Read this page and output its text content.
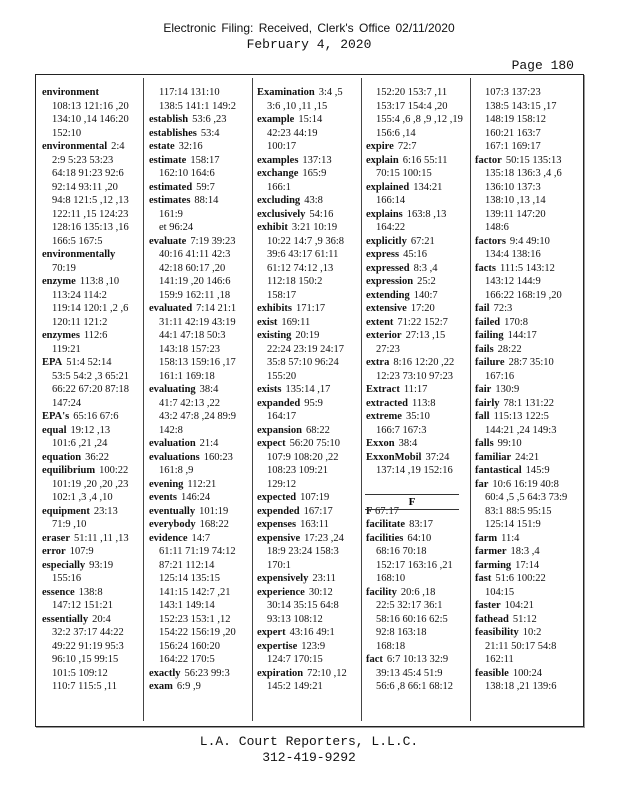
Electronic Filing: Received, Clerk's Office 02/11/2020
February 4, 2020
Page 180
environment
108:13 121:16 ,20
134:10 ,14 146:20
152:10
environmental 2:4
2:9 5:23 53:23
64:18 91:23 92:6
92:14 93:11 ,20
94:8 121:5 ,12 ,13
122:11 ,15 124:23
128:16 135:13 ,16
166:5 167:5
environmentally
70:19
enzyme 113:8 ,10
113:24 114:2
119:14 120:1 ,2 ,6
120:11 121:2
enzymes 112:6
119:21
EPA 51:4 52:14
53:5 54:2 ,3 65:21
66:22 67:20 87:18
147:24
EPA's 65:16 67:6
equal 19:12 ,13
101:6 ,21 ,24
equation 36:22
equilibrium 100:22
101:19 ,20 ,20 ,23
102:1 ,3 ,4 ,10
equipment 23:13
71:9 ,10
eraser 51:11 ,11 ,13
error 107:9
especially 93:19
155:16
essence 138:8
147:12 151:21
essentially 20:4
32:2 37:17 44:22
49:22 91:19 95:3
96:10 ,15 99:15
101:5 109:12
110:7 115:5 ,11
117:14 131:10
138:5 141:1 149:2
establish 53:6 ,23
establishes 53:4
estate 32:16
estimate 158:17
162:10 164:6
estimated 59:7
estimates 88:14
161:9
et 96:24
evaluate 7:19 39:23
40:16 41:11 42:3
42:18 60:17 ,20
141:19 ,20 146:6
159:9 162:11 ,18
evaluated 7:14 21:1
31:11 42:19 43:19
44:1 47:18 50:3
143:18 157:23
158:13 159:16 ,17
161:1 169:18
evaluating 38:4
41:7 42:13 ,22
43:2 47:8 ,24 89:9
142:8
evaluation 21:4
evaluations 160:23
161:8 ,9
evening 112:21
events 146:24
eventually 101:19
everybody 168:22
evidence 14:7
61:11 71:19 74:12
87:21 112:14
125:14 135:15
141:15 142:7 ,21
143:1 149:14
152:23 153:1 ,12
154:22 156:19 ,20
156:24 160:20
164:22 170:5
exactly 56:23 99:3
exam 6:9 ,9
Examination 3:4 ,5
3:6 ,10 ,11 ,15
example 15:14
42:23 44:19
100:17
examples 137:13
exchange 165:9
166:1
excluding 43:8
exclusively 54:16
exhibit 3:21 10:19
10:22 14:7 ,9 36:8
39:6 43:17 61:11
61:12 74:12 ,13
112:18 150:2
158:17
exhibits 171:17
exist 169:11
existing 20:19
22:24 23:19 24:17
35:8 57:10 96:24
155:20
exists 135:14 ,17
expanded 95:9
164:17
expansion 68:22
expect 56:20 75:10
107:9 108:20 ,22
108:23 109:21
129:12
expected 107:19
expended 167:17
expenses 163:11
expensive 17:23 ,24
18:9 23:24 158:3
170:1
expensively 23:11
experience 30:12
30:14 35:15 64:8
93:13 108:12
expert 43:16 49:1
expertise 123:9
124:7 170:15
expiration 72:10 ,12
145:2 149:21
152:20 153:7 ,11
153:17 154:4 ,20
155:4 ,6 ,8 ,9 ,12 ,19
156:6 ,14
expire 72:7
explain 6:16 55:11
70:15 100:15
explained 134:21
166:14
explains 163:8 ,13
164:22
explicitly 67:21
express 45:16
expressed 8:3 ,4
expression 25:2
extending 140:7
extensive 17:20
extent 71:22 152:7
exterior 27:13 ,15
27:23
extra 8:16 12:20 ,22
12:23 73:10 97:23
Extract 11:17
extracted 113:8
extreme 35:10
166:7 167:3
Exxon 38:4
ExxonMobil 37:24
137:14 ,19 152:16
F 67:17
facilitate 83:17
facilities 64:10
68:16 70:18
152:17 163:16 ,21
168:10
facility 20:6 ,18
22:5 32:17 36:1
58:16 60:16 62:5
92:8 163:18
168:18
fact 6:7 10:13 32:9
39:13 45:4 51:9
56:6 ,8 66:1 68:12
107:3 137:23
138:5 143:15 ,17
148:19 158:12
160:21 163:7
167:1 169:17
factor 50:15 135:13
135:18 136:3 ,4 ,6
136:10 137:3
138:10 ,13 ,14
139:11 147:20
148:6
factors 9:4 49:10
134:4 138:16
facts 111:5 143:12
143:12 144:9
166:22 168:19 ,20
fail 72:3
failed 170:8
failing 144:17
fails 28:22
failure 28:7 35:10
167:16
fair 130:9
fairly 78:1 131:22
fall 115:13 122:5
144:21 ,24 149:3
falls 99:10
familiar 24:21
fantastical 145:9
far 10:6 16:19 40:8
60:4 ,5 ,5 64:3 73:9
83:1 88:5 95:15
125:14 151:9
farm 11:4
farmer 18:3 ,4
farming 17:14
fast 51:6 100:22
104:15
faster 104:21
fathead 51:12
feasibility 10:2
21:11 50:17 54:8
162:11
feasible 100:24
138:18 ,21 139:6
F
L.A. Court Reporters, L.L.C.
312-419-9292
